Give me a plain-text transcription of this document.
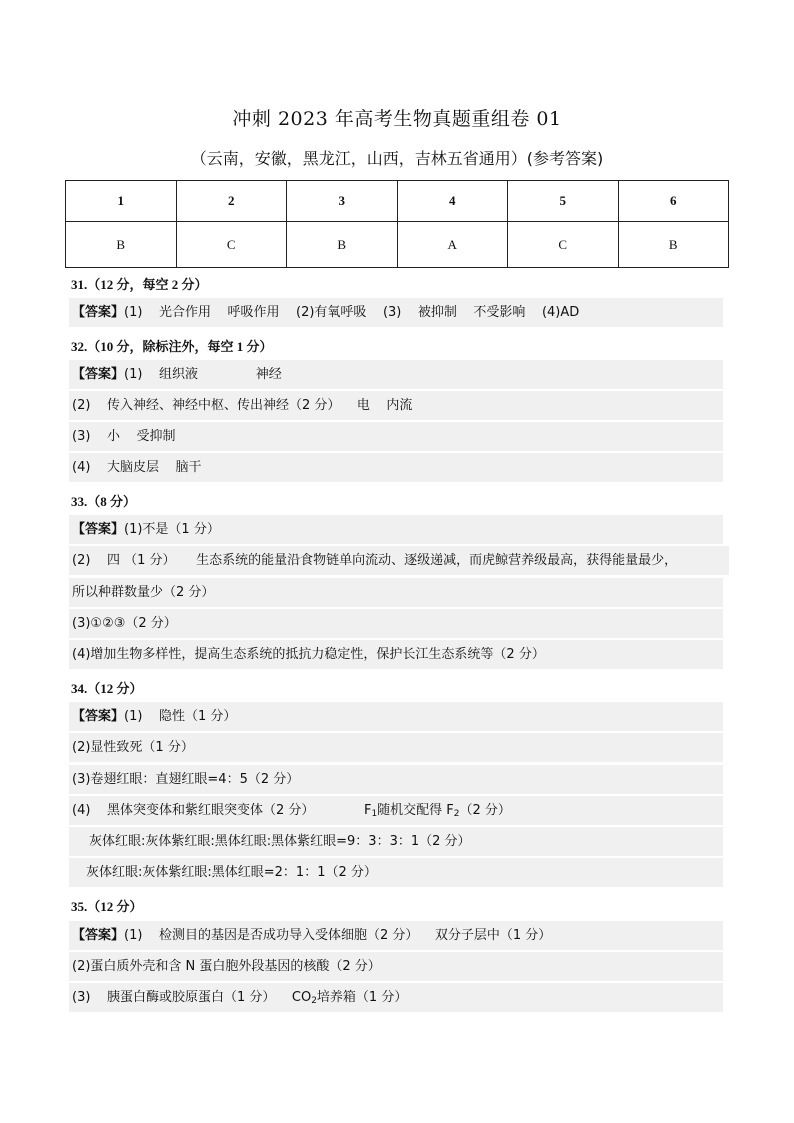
冲刺 2023 年高考生物真题重组卷 01
（云南，安徽，黑龙江，山西，吉林五省通用）(参考答案)
1	2	3	4	5	6
B	C	B	A	C	B
31.（12 分，每空 2 分）
【答案】(1)    光合作用    呼吸作用    (2)有氧呼吸    (3)    被抑制    不受影响    (4)AD
32.（10 分，除标注外，每空 1 分）
【答案】(1)    组织液              神经
(2)    传入神经、神经中枢、传出神经（2 分）    电    内流
(3)    小    受抑制
(4)    大脑皮层    脑干
33.（8 分）
【答案】(1)不是（1 分）
(2)    四 （1 分）     生态系统的能量沿食物链单向流动、逐级递减，而虎鲸营养级最高，获得能量最少，
所以种群数量少（2 分）
(3)①②③（2 分）
(4)增加生物多样性，提高生态系统的抵抗力稳定性，保护长江生态系统等（2 分）
34.（12 分）
【答案】(1)    隐性（1 分）
(2)显性致死（1 分）
(3)卷翅红眼：直翅红眼=4：5（2 分）
(4)    黑体突变体和紫红眼突变体（2 分）	$F_1$随机交配得 $F_2(2$ 分）
灰体红眼:灰体紫红眼:黑体红眼:黑体紫红眼=9：3：3：1（2 分）
灰体红眼:灰体紫红眼:黑体红眼=2：1：1（2 分）
35.（12 分）
【答案】(1)    检测目的基因是否成功导入受体细胞（2 分）    双分子层中（1 分）
(2)蛋白质外壳和含 N 蛋白胞外段基因的核酸（2 分）
(3)    胰蛋白酶或胶原蛋白（1 分）    $CO_2$培养箱（1 分）
